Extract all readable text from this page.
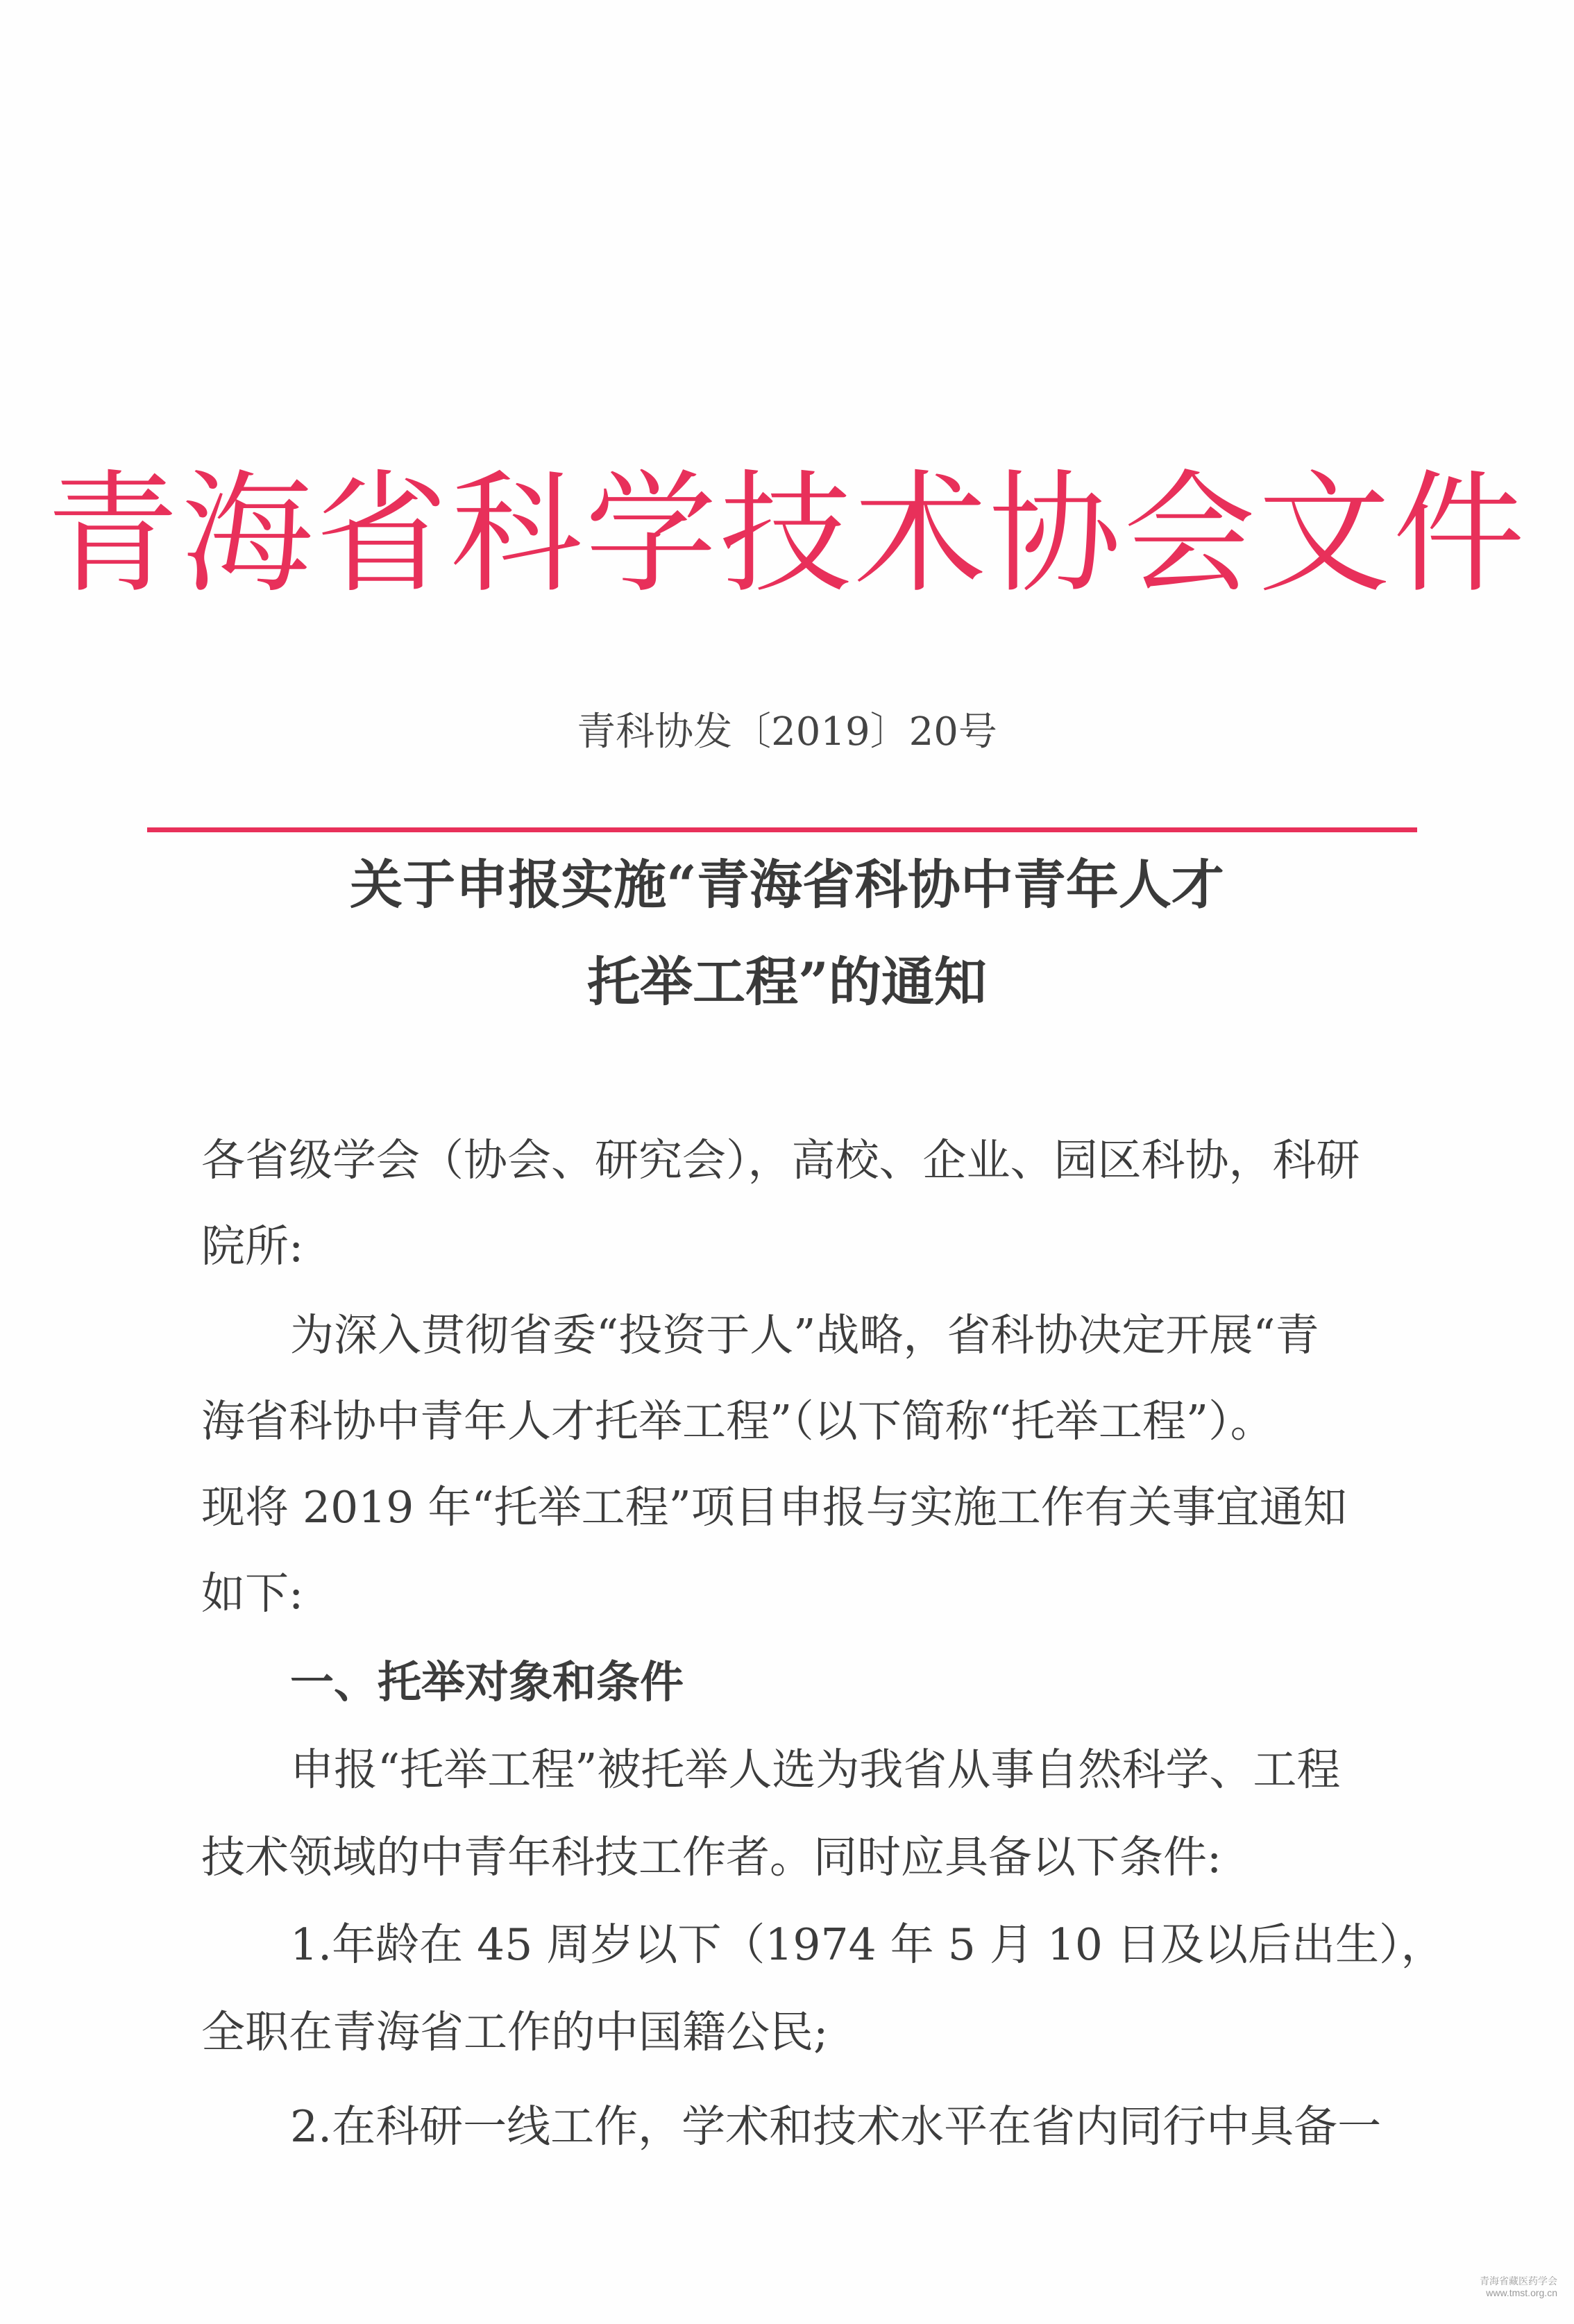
青海省科学技术协会文件
青科协发〔2019〕20号
关于申报实施“青海省科协中青年人才
托举工程”的通知
各省级学会（协会、研究会），高校、企业、园区科协，科研
院所:
为深入贯彻省委“投资于人”战略，省科协决定开展“青
海省科协中青年人才托举工程”（以下简称“托举工程”）。
现将 2019 年“托举工程”项目申报与实施工作有关事宜通知
如下:
一、托举对象和条件
申报“托举工程”被托举人选为我省从事自然科学、工程
技术领域的中青年科技工作者。同时应具备以下条件:
1.年龄在 45 周岁以下（1974 年 5 月 10 日及以后出生），
全职在青海省工作的中国籍公民;
2.在科研一线工作，学术和技术水平在省内同行中具备一
青海省藏医药学会
www.tmst.org.cn
